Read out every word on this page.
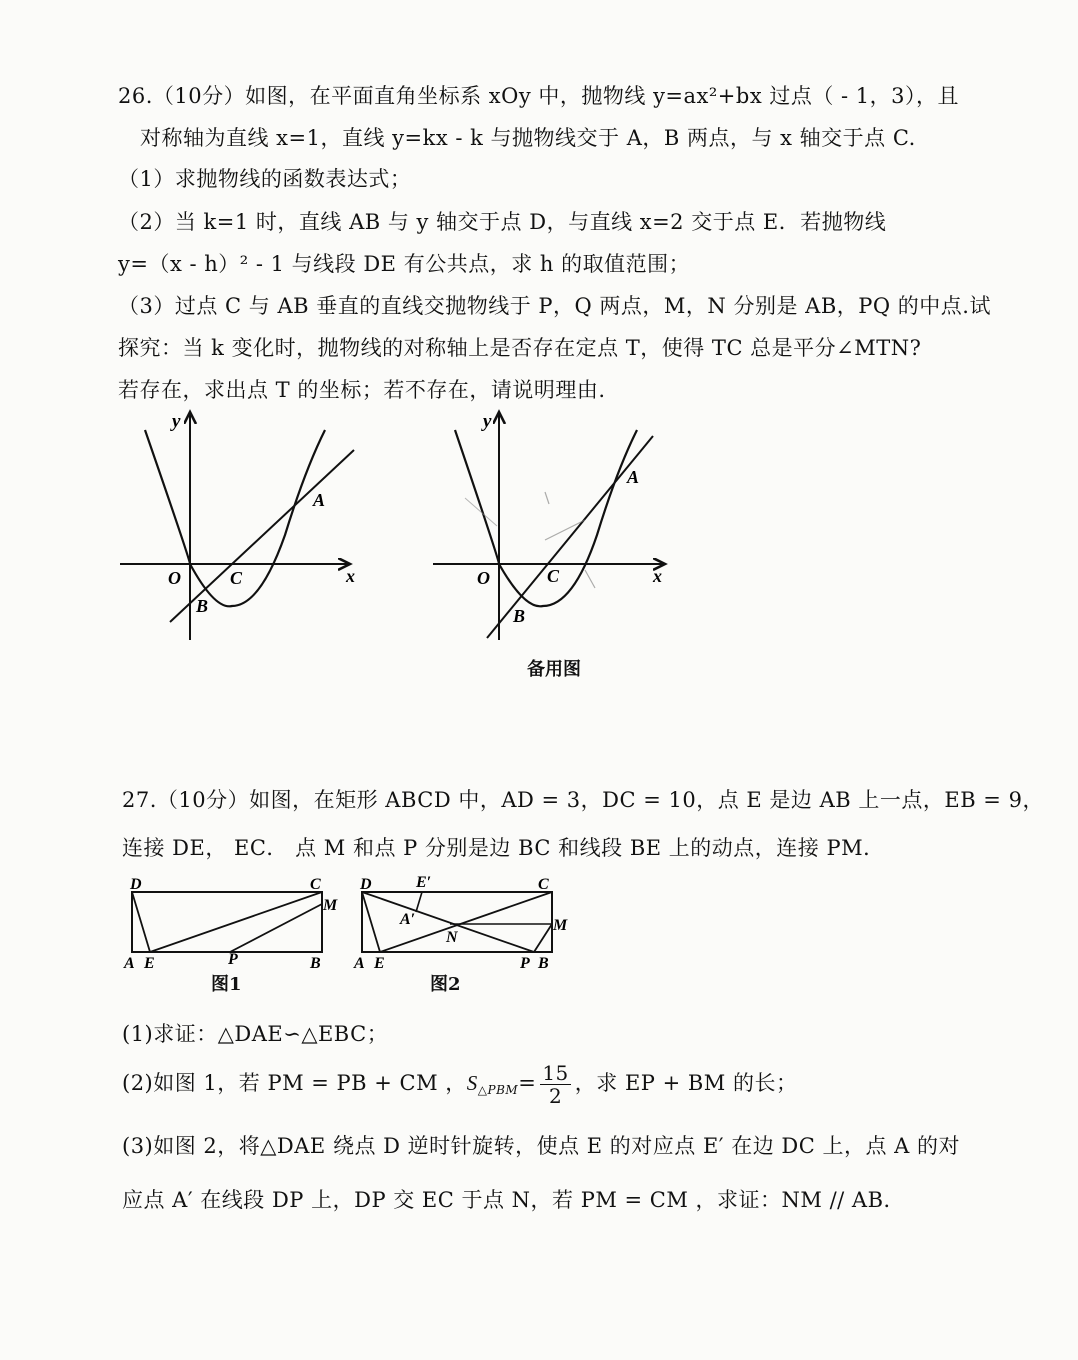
26.（10分）如图，在平面直角坐标系 xOy 中，抛物线 y=ax²+bx 过点（ - 1，3），且
对称轴为直线 x=1，直线 y=kx - k 与抛物线交于 A，B 两点，与 x 轴交于点 C.
（1）求抛物线的函数表达式；
（2）当 k=1 时，直线 AB 与 y 轴交于点 D，与直线 x=2 交于点 E．若抛物线
y=（x - h）² - 1 与线段 DE 有公共点，求 h 的取值范围；
（3）过点 C 与 AB 垂直的直线交抛物线于 P，Q 两点，M，N 分别是 AB，PQ 的中点.试
探究：当 k 变化时，抛物线的对称轴上是否存在定点 T，使得 TC 总是平分∠MTN?
若存在，求出点 T 的坐标；若不存在，请说明理由.
y
x
O
A
B
C
y
x
O
A
B
C
备用图
27.（10分）如图，在矩形 ABCD 中，AD = 3，DC = 10，点 E 是边 AB 上一点，EB = 9，
连接 DE， EC． 点 M 和点 P 分别是边 BC 和线段 BE 上的动点，连接 PM．
D	C
M
A E	P	B
图1
D	E′	C
A′
N
M
A E	P B
图2
(1)求证：△DAE∽△EBC；
(2)如图 1，若 PM = PB + CM ，$S_{\triangle PBM}= \frac{15}{2}$ ，求 EP + BM 的长；
(3)如图 2，将△DAE 绕点 D 逆时针旋转，使点 E 的对应点 E′ 在边 DC 上，点 A 的对
应点 A′ 在线段 DP 上，DP 交 EC 于点 N，若 PM = CM ，求证：NM // AB．
